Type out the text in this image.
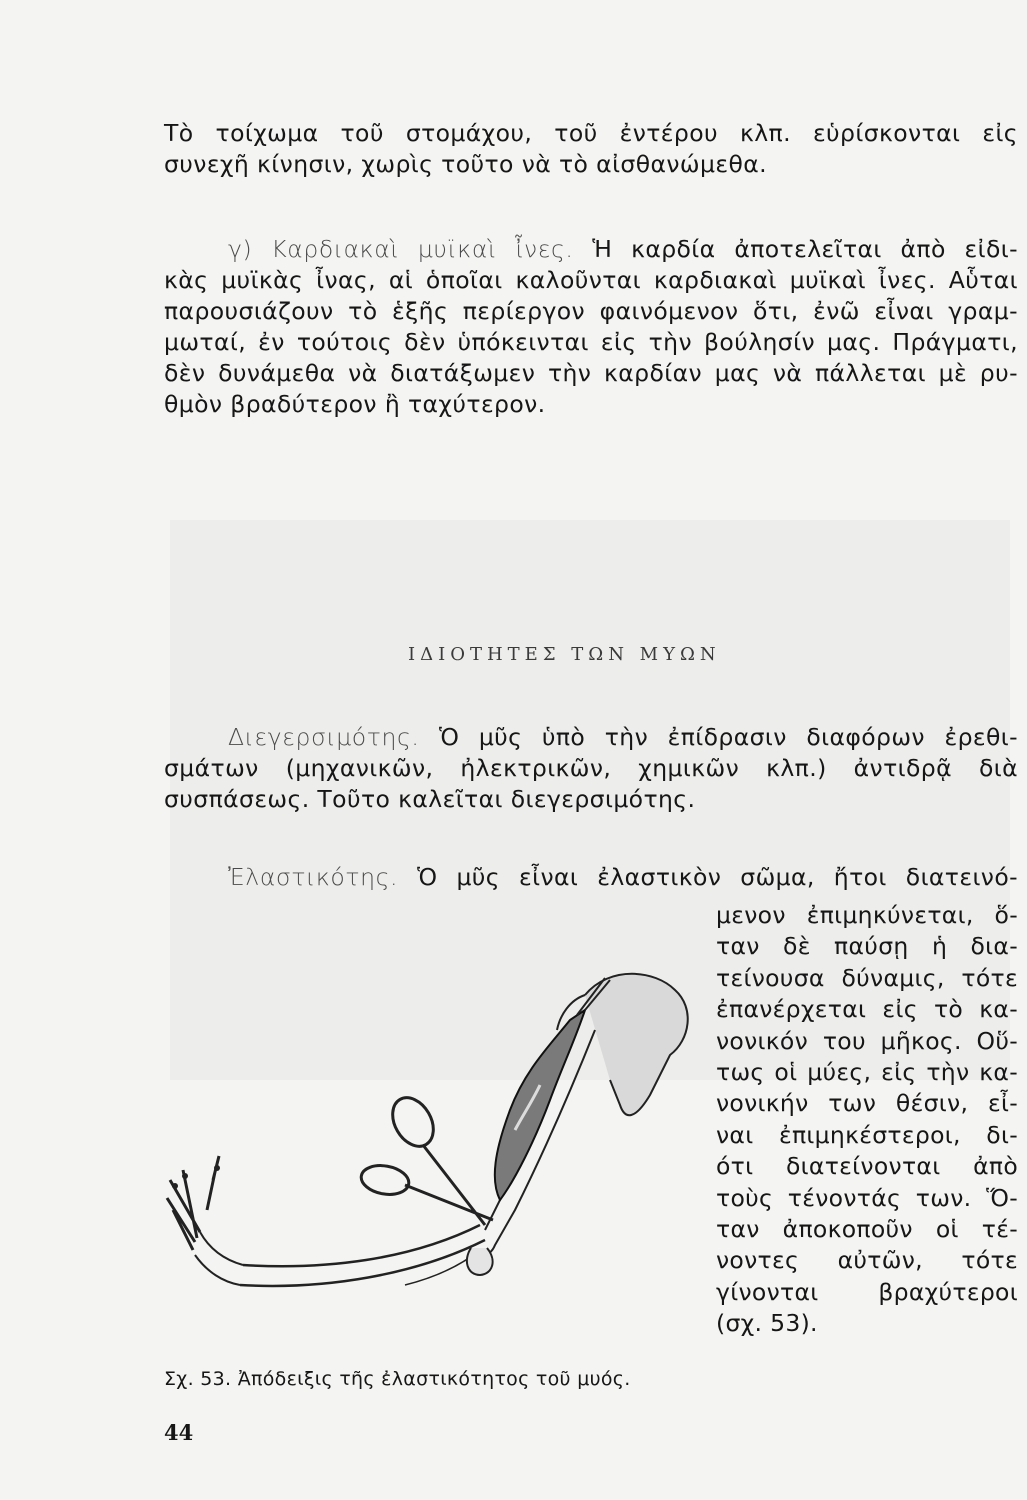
Τὸ τοίχωμα τοῦ στομάχου, τοῦ ἐντέρου κλπ. εὑρίσκονται εἰς
συνεχῆ κίνησιν, χωρὶς τοῦτο νὰ τὸ αἰσθανώμεθα.
γ) Καρδιακαὶ μυϊκαὶ ἶνες. Ἡ καρδία ἀποτελεῖται ἀπὸ εἰδι-
κὰς μυϊκὰς ἶνας, αἱ ὁποῖαι καλοῦνται καρδιακαὶ μυϊκαὶ ἶνες. Αὗται
παρουσιάζουν τὸ ἑξῆς περίεργον φαινόμενον ὅτι, ἐνῶ εἶναι γραμ-
μωταί, ἐν τούτοις δὲν ὑπόκεινται εἰς τὴν βούλησίν μας. Πράγματι,
δὲν δυνάμεθα νὰ διατάξωμεν τὴν καρδίαν μας νὰ πάλλεται μὲ ρυ-
θμὸν βραδύτερον ἢ ταχύτερον.
ΙΔΙΟΤΗΤΕΣ ΤΩΝ ΜΥΩΝ
Διεγερσιμότης. Ὁ μῦς ὑπὸ τὴν ἐπίδρασιν διαφόρων ἐρεθι-
σμάτων (μηχανικῶν, ἠλεκτρικῶν, χημικῶν κλπ.) ἀντιδρᾷ διὰ
συσπάσεως. Τοῦτο καλεῖται διεγερσιμότης.
Ἐλαστικότης. Ὁ μῦς εἶναι ἐλαστικὸν σῶμα, ἤτοι διατεινό-
μενον ἐπιμηκύνεται, ὅ-
ταν δὲ παύσῃ ἡ δια-
τείνουσα δύναμις, τότε
ἐπανέρχεται εἰς τὸ κα-
νονικόν του μῆκος. Οὕ-
τως οἱ μύες, εἰς τὴν κα-
νονικήν των θέσιν, εἶ-
ναι ἐπιμηκέστεροι, δι-
ότι διατείνονται ἀπὸ
τοὺς τένοντάς των. Ὅ-
ταν ἀποκοποῦν οἱ τέ-
νοντες αὐτῶν, τότε
γίνονται βραχύτεροι
(σχ. 53).
Σχ. 53. Ἀπόδειξις τῆς ἐλαστικότητος τοῦ μυός.
44
